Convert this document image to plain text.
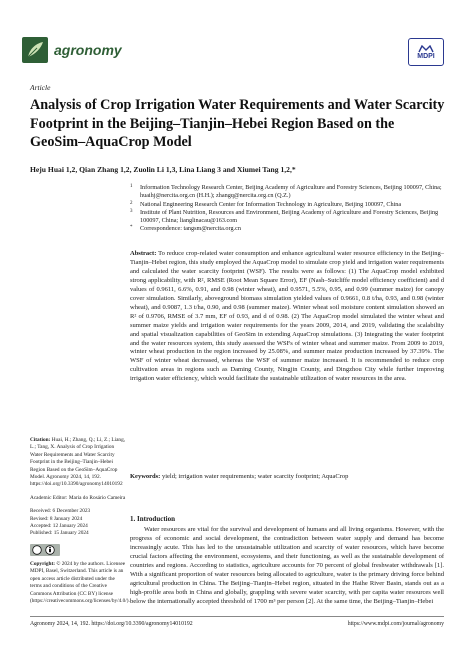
agronomy	MDPI
Article
Analysis of Crop Irrigation Water Requirements and Water Scarcity Footprint in the Beijing–Tianjin–Hebei Region Based on the GeoSim–AquaCrop Model
Heju Huai 1,2, Qian Zhang 1,2, Zuolin Li 1,3, Lina Liang 3 and Xiumei Tang 1,2,*
1 Information Technology Research Center, Beijing Academy of Agriculture and Forestry Sciences, Beijing 100097, China; huaihj@nercita.org.cn (H.H.); zhangq@nercita.org.cn (Q.Z.)
2 National Engineering Research Center for Information Technology in Agriculture, Beijing 100097, China
3 Institute of Plant Nutrition, Resources and Environment, Beijing Academy of Agriculture and Forestry Sciences, Beijing 100097, China; lianglinacau@163.com
* Correspondence: tangsm@nercita.org.cn
Abstract: To reduce crop-related water consumption and enhance agricultural water resource efficiency in the Beijing–Tianjin–Hebei region, this study employed the AquaCrop model to simulate crop yield and irrigation water requirements and calculated the water scarcity footprint (WSF). The results were as follows: (1) The AquaCrop model exhibited strong applicability, with R², RMSE (Root Mean Square Error), EF (Nash–Sutcliffe model efficiency coefficient) and d values of 0.9611, 6.6%, 0.91, and 0.98 (winter wheat), and 0.9571, 5.5%, 0.95, and 0.99 (summer maize) for canopy cover simulation. Similarly, aboveground biomass simulation yielded values of 0.9661, 0.8 t/ha, 0.93, and 0.98 (winter wheat), and 0.9087, 1.3 t/ha, 0.90, and 0.98 (summer maize). Winter wheat soil moisture content simulation showed an R² of 0.9706, RMSE of 3.7 mm, EF of 0.93, and d of 0.98. (2) The AquaCrop model simulated the winter wheat and summer maize yields and irrigation water requirements for the years 2009, 2014, and 2019, validating the scalability and spatial visualization capabilities of GeoSim in extending AquaCrop simulations. (3) Integrating the water footprint and the water resources system, this study assessed the WSFs of winter wheat and summer maize. From 2009 to 2019, winter wheat production in the region increased by 25.08%, and summer maize production increased by 37.39%. The WSF of winter wheat decreased, whereas the WSF of summer maize increased. It is recommended to reduce crop cultivation areas in regions such as Daming County, Ningjin County, and Dingzhou City while further improving irrigation water efficiency, which would facilitate the sustainable utilization of water resources in the area.
Keywords: yield; irrigation water requirements; water scarcity footprint; AquaCrop
Citation: Huai, H.; Zhang, Q.; Li, Z.; Liang, L.; Tang, X. Analysis of Crop Irrigation Water Requirements and Water Scarcity Footprint in the Beijing–Tianjin–Hebei Region Based on the GeoSim–AquaCrop Model. Agronomy 2024, 14, 192. https://doi.org/10.3390/agronomy14010192
Academic Editor: Maria do Rosário Cameira
Received: 6 December 2023
Revised: 8 January 2024
Accepted: 12 January 2024
Published: 15 January 2024
Copyright: © 2024 by the authors. Licensee MDPI, Basel, Switzerland. This article is an open access article distributed under the terms and conditions of the Creative Commons Attribution (CC BY) license (https://creativecommons.org/licenses/by/4.0/).
1. Introduction
Water resources are vital for the survival and development of humans and all living organisms. However, with the progress of economic and social development, the contradiction between water supply and demand has become increasingly acute. This has led to the unsustainable utilization and scarcity of water resources, which have become crucial factors affecting the environment, ecosystems, and their functioning, as well as the sustainable development of countries and regions. According to statistics, agriculture accounts for 70 percent of global freshwater withdrawals [1]. With a significant proportion of water resources being allocated to agriculture, water is the primary driving force behind agricultural production in China. The Beijing–Tianjin–Hebei region, situated in the Haihe River Basin, stands out as a high-profile area both in China and globally, grappling with severe water scarcity, with per capita water resources well below the internationally accepted threshold of 1700 m³ per person [2]. At the same time, the Beijing–Tianjin–Hebei
Agronomy 2024, 14, 192. https://doi.org/10.3390/agronomy14010192	https://www.mdpi.com/journal/agronomy
